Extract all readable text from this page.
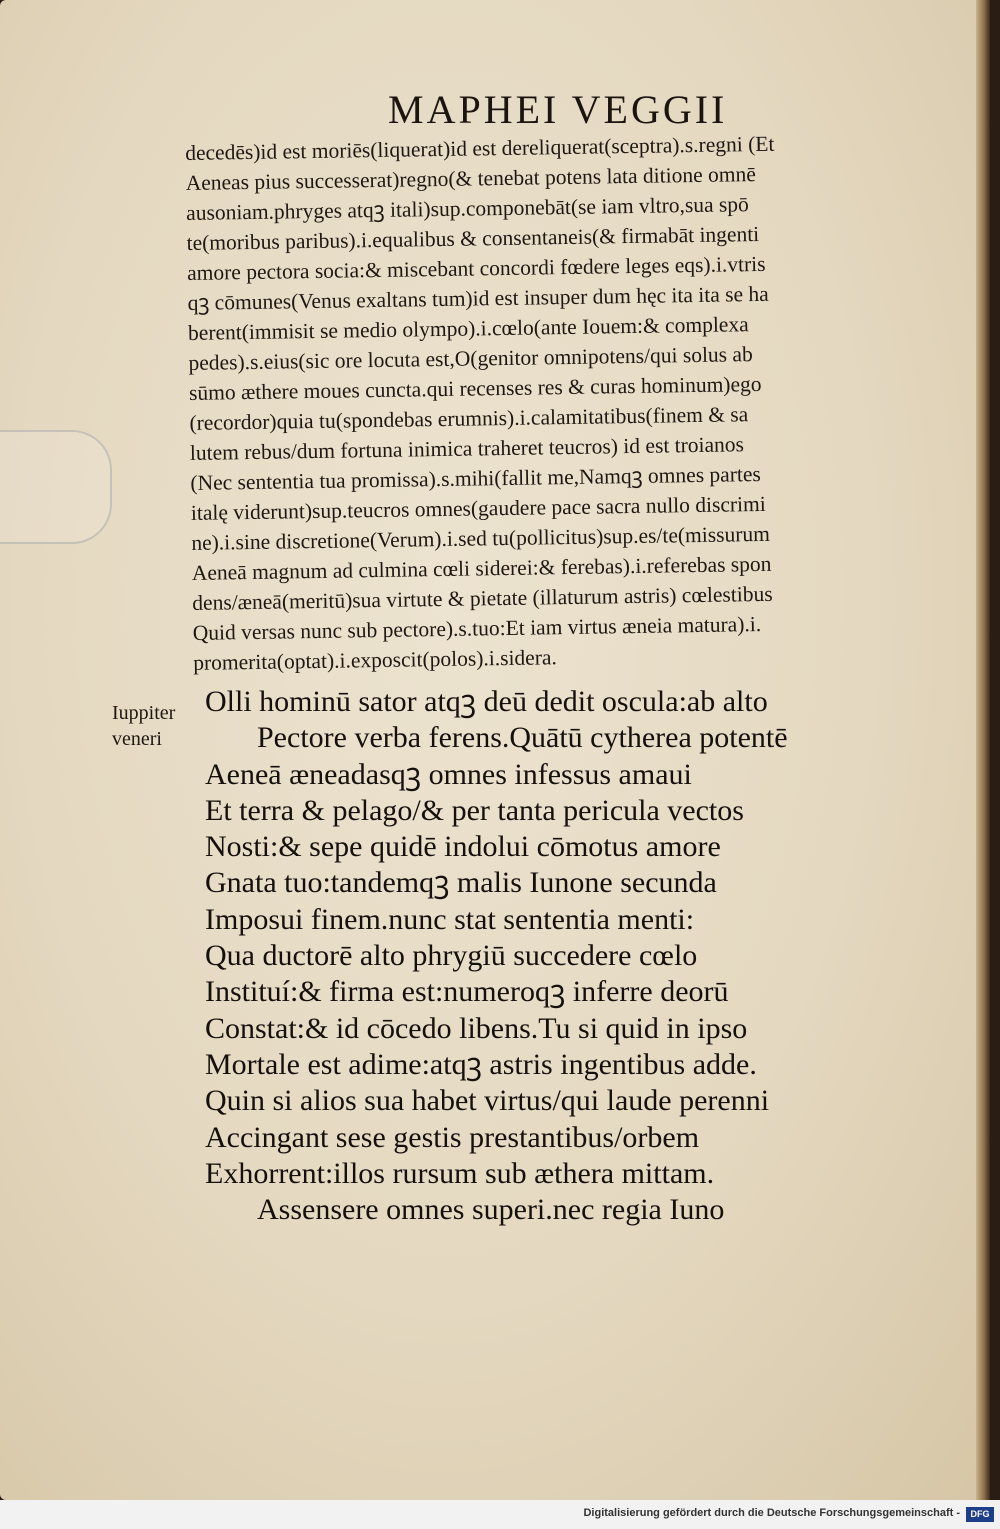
MAPHEI VEGGII
decedēs)id est moriēs(liquerat)id est dereliquerat(sceptra).s.regni (Et
Aeneas pius successerat)regno(& tenebat potens lata ditione omnē
ausoniam.phryges atqꝫ itali)sup.componebāt(se iam vltro,sua spō
te(moribus paribus).i.equalibus & consentaneis(& firmabāt ingenti
amore pectora socia:& miscebant concordi fœdere leges eqs).i.vtris
qꝫ cōmunes(Venus exaltans tum)id est insuper dum hęc ita ita se ha
berent(immisit se medio olympo).i.cœlo(ante Iouem:& complexa
pedes).s.eius(sic ore locuta est,O(genitor omnipotens/qui solus ab
sūmo æthere moues cuncta.qui recenses res & curas hominum)ego
(recordor)quia tu(spondebas erumnis).i.calamitatibus(finem & sa
lutem rebus/dum fortuna inimica traheret teucros) id est troianos
(Nec sententia tua promissa).s.mihi(fallit me,Namqꝫ omnes partes
italę viderunt)sup.teucros omnes(gaudere pace sacra nullo discrimi
ne).i.sine discretione(Verum).i.sed tu(pollicitus)sup.es/te(missurum
Aeneā magnum ad culmina cœli siderei:& ferebas).i.referebas spon
dens/æneā(meritū)sua virtute & pietate (illaturum astris) cœlestibus
Quid versas nunc sub pectore).s.tuo:Et iam virtus æneia matura).i.
promerita(optat).i.exposcit(polos).i.sidera.
Iuppiter
veneri
Olli hominū sator atqꝫ deū dedit oscula:ab alto
Pectore verba ferens.Quātū cytherea potentē
Aeneā æneadasqꝫ omnes infessus amaui
Et terra & pelago/& per tanta pericula vectos
Nosti:& sepe quidē indolui cōmotus amore
Gnata tuo:tandemqꝫ malis Iunone secunda
Imposui finem.nunc stat sententia menti:
Qua ductorē alto phrygiū succedere cœlo
Instituí:& firma est:numeroqꝫ inferre deorū
Constat:& id cōcedo libens.Tu si quid in ipso
Mortale est adime:atqꝫ astris ingentibus adde.
Quin si alios sua habet virtus/qui laude perenni
Accingant sese gestis prestantibus/orbem
Exhorrent:illos rursum sub æthera mittam.
Assensere omnes superi.nec regia Iuno
Digitalisierung gefördert durch die Deutsche Forschungsgemeinschaft -	DFG
